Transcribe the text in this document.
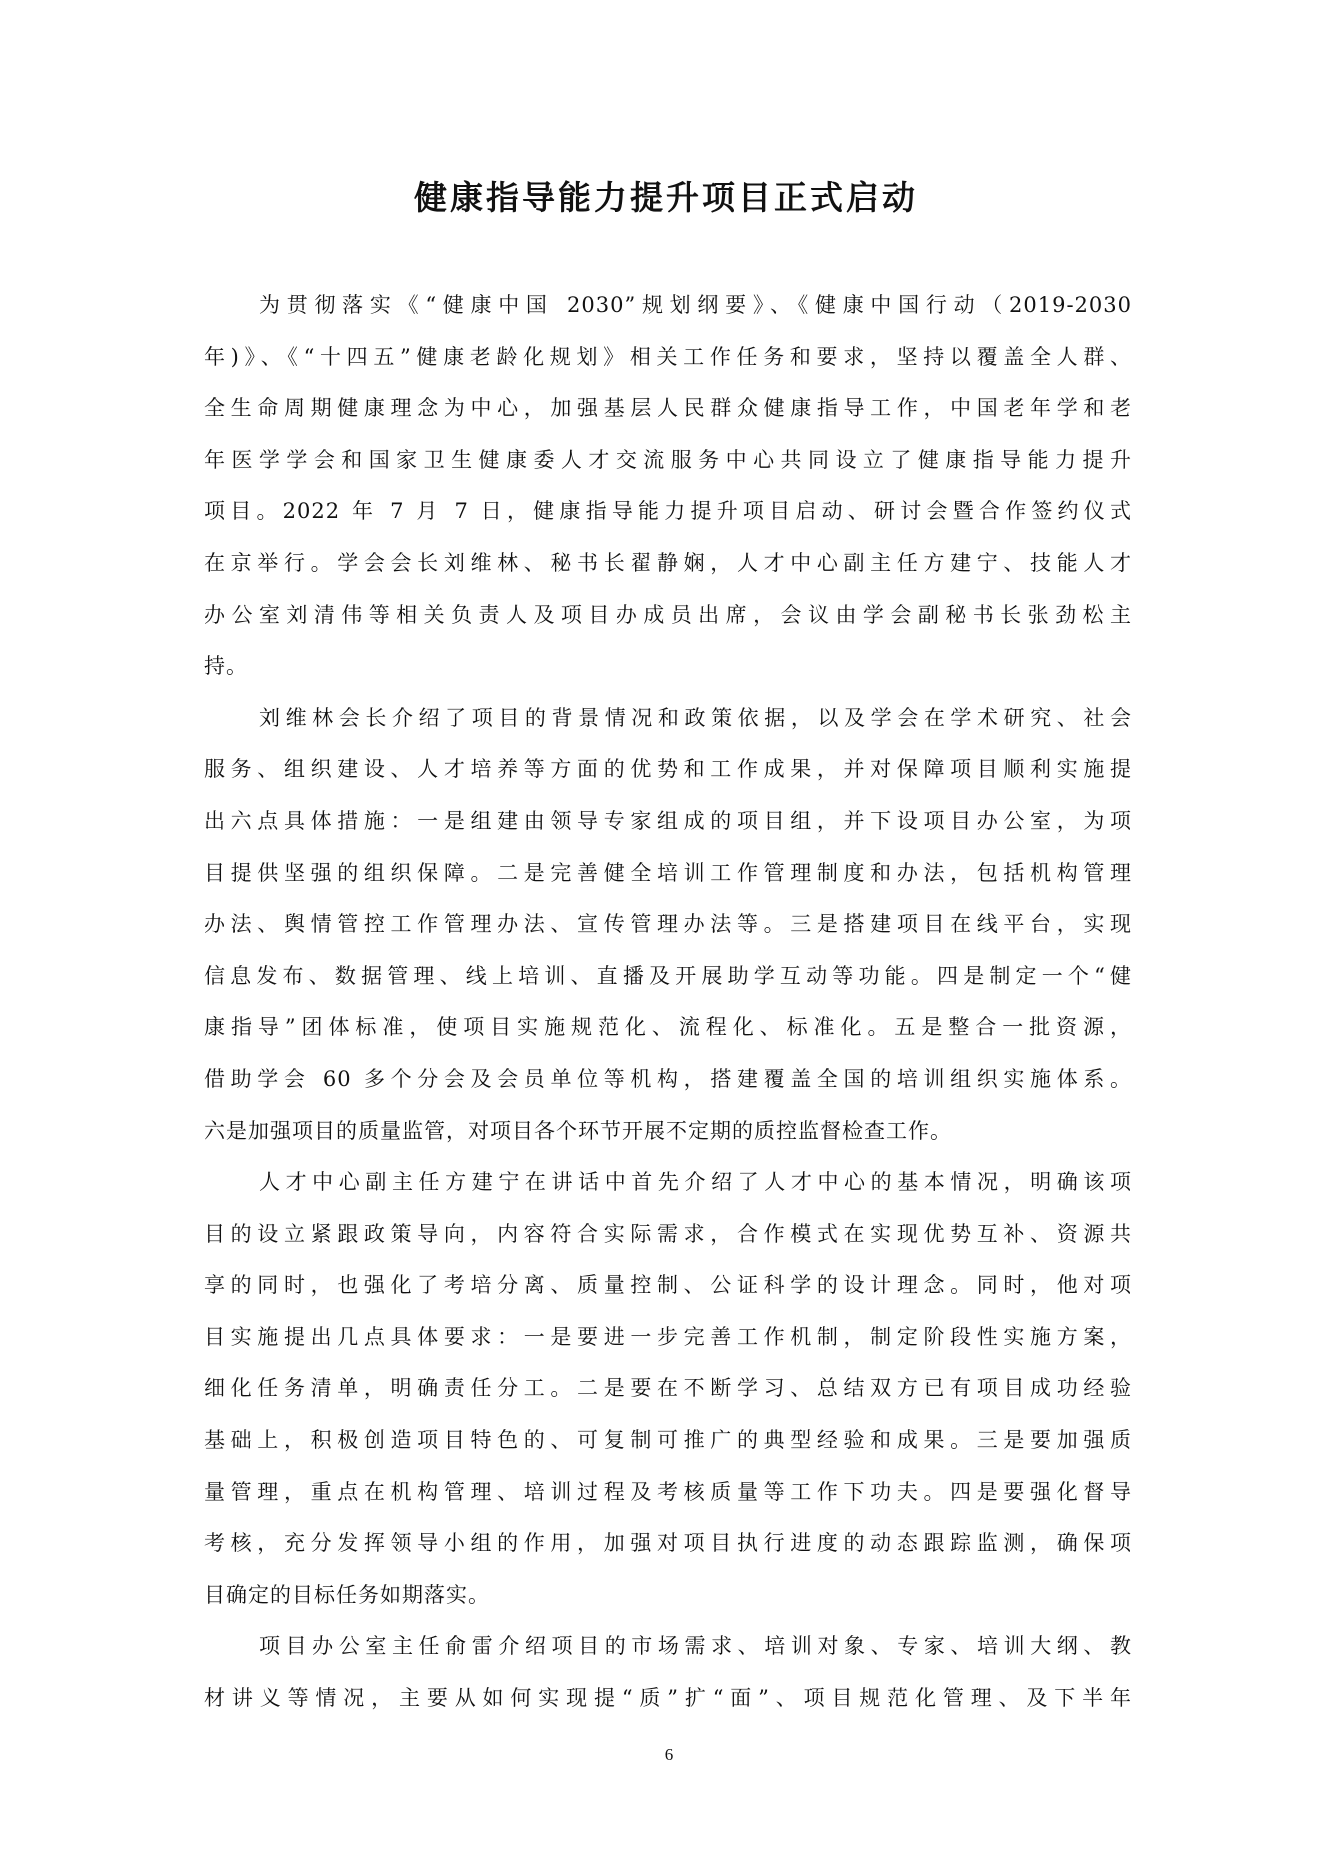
健康指导能力提升项目正式启动
为贯彻落实《“健康中国 2030”规划纲要》、《健康中国行动（2019-2030
年)》、《“十四五”健康老龄化规划》相关工作任务和要求，坚持以覆盖全人群、
全生命周期健康理念为中心，加强基层人民群众健康指导工作，中国老年学和老
年医学学会和国家卫生健康委人才交流服务中心共同设立了健康指导能力提升
项目。2022 年 7 月 7 日，健康指导能力提升项目启动、研讨会暨合作签约仪式
在京举行。学会会长刘维林、秘书长翟静娴，人才中心副主任方建宁、技能人才
办公室刘清伟等相关负责人及项目办成员出席，会议由学会副秘书长张劲松主
持。
刘维林会长介绍了项目的背景情况和政策依据，以及学会在学术研究、社会
服务、组织建设、人才培养等方面的优势和工作成果，并对保障项目顺利实施提
出六点具体措施：一是组建由领导专家组成的项目组，并下设项目办公室，为项
目提供坚强的组织保障。二是完善健全培训工作管理制度和办法，包括机构管理
办法、舆情管控工作管理办法、宣传管理办法等。三是搭建项目在线平台，实现
信息发布、数据管理、线上培训、直播及开展助学互动等功能。四是制定一个“健
康指导”团体标准，使项目实施规范化、流程化、标准化。五是整合一批资源，
借助学会 60 多个分会及会员单位等机构，搭建覆盖全国的培训组织实施体系。
六是加强项目的质量监管，对项目各个环节开展不定期的质控监督检查工作。
人才中心副主任方建宁在讲话中首先介绍了人才中心的基本情况，明确该项
目的设立紧跟政策导向，内容符合实际需求，合作模式在实现优势互补、资源共
享的同时，也强化了考培分离、质量控制、公证科学的设计理念。同时，他对项
目实施提出几点具体要求：一是要进一步完善工作机制，制定阶段性实施方案，
细化任务清单，明确责任分工。二是要在不断学习、总结双方已有项目成功经验
基础上，积极创造项目特色的、可复制可推广的典型经验和成果。三是要加强质
量管理，重点在机构管理、培训过程及考核质量等工作下功夫。四是要强化督导
考核，充分发挥领导小组的作用，加强对项目执行进度的动态跟踪监测，确保项
目确定的目标任务如期落实。
项目办公室主任俞雷介绍项目的市场需求、培训对象、专家、培训大纲、教
材讲义等情况，主要从如何实现提“质”扩“面”、项目规范化管理、及下半年
6
